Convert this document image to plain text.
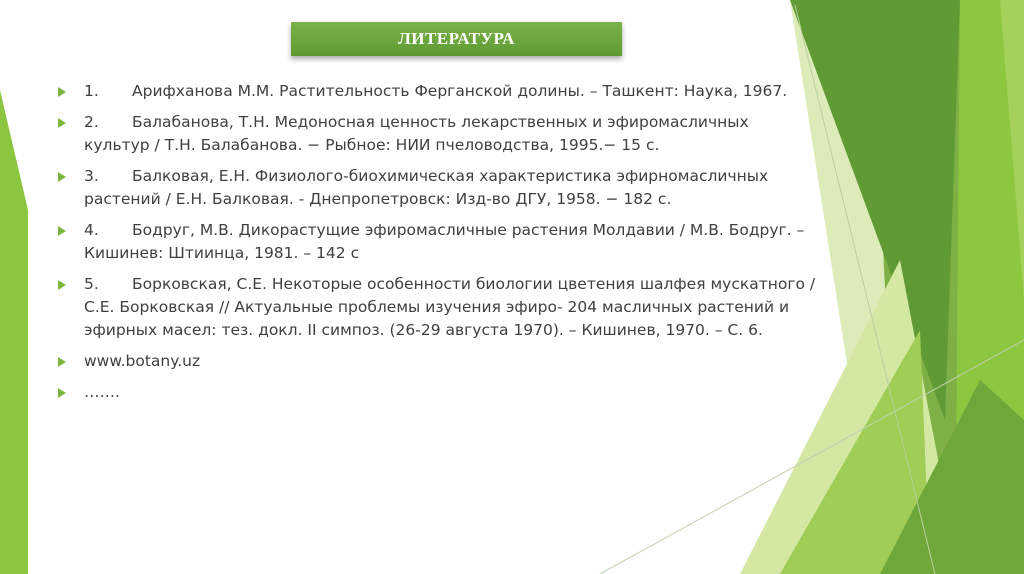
ЛИТЕРАТУРА
1. Арифханова М.М. Растительность Ферганской долины. – Ташкент: Наука, 1967.
2. Балабанова, Т.Н. Медоносная ценность лекарственных и эфиромасличных культур / Т.Н. Балабанова. − Рыбное: НИИ пчеловодства, 1995.− 15 с.
3. Балковая, Е.Н. Физиолого-биохимическая характеристика эфирномасличных растений / Е.Н. Балковая. - Днепропетровск: Изд-во ДГУ, 1958. − 182 с.
4. Бодруг, М.В. Дикорастущие эфиромасличные растения Молдавии / М.В. Бодруг. – Кишинев: Штиинца, 1981. – 142 с
5. Борковская, С.Е. Некоторые особенности биологии цветения шалфея мускатного / С.Е. Борковская // Актуальные проблемы изучения эфиро- 204 масличных растений и эфирных масел: тез. докл. II симпоз. (26-29 августа 1970). – Кишинев, 1970. – С. 6.
www.botany.uz
…….
